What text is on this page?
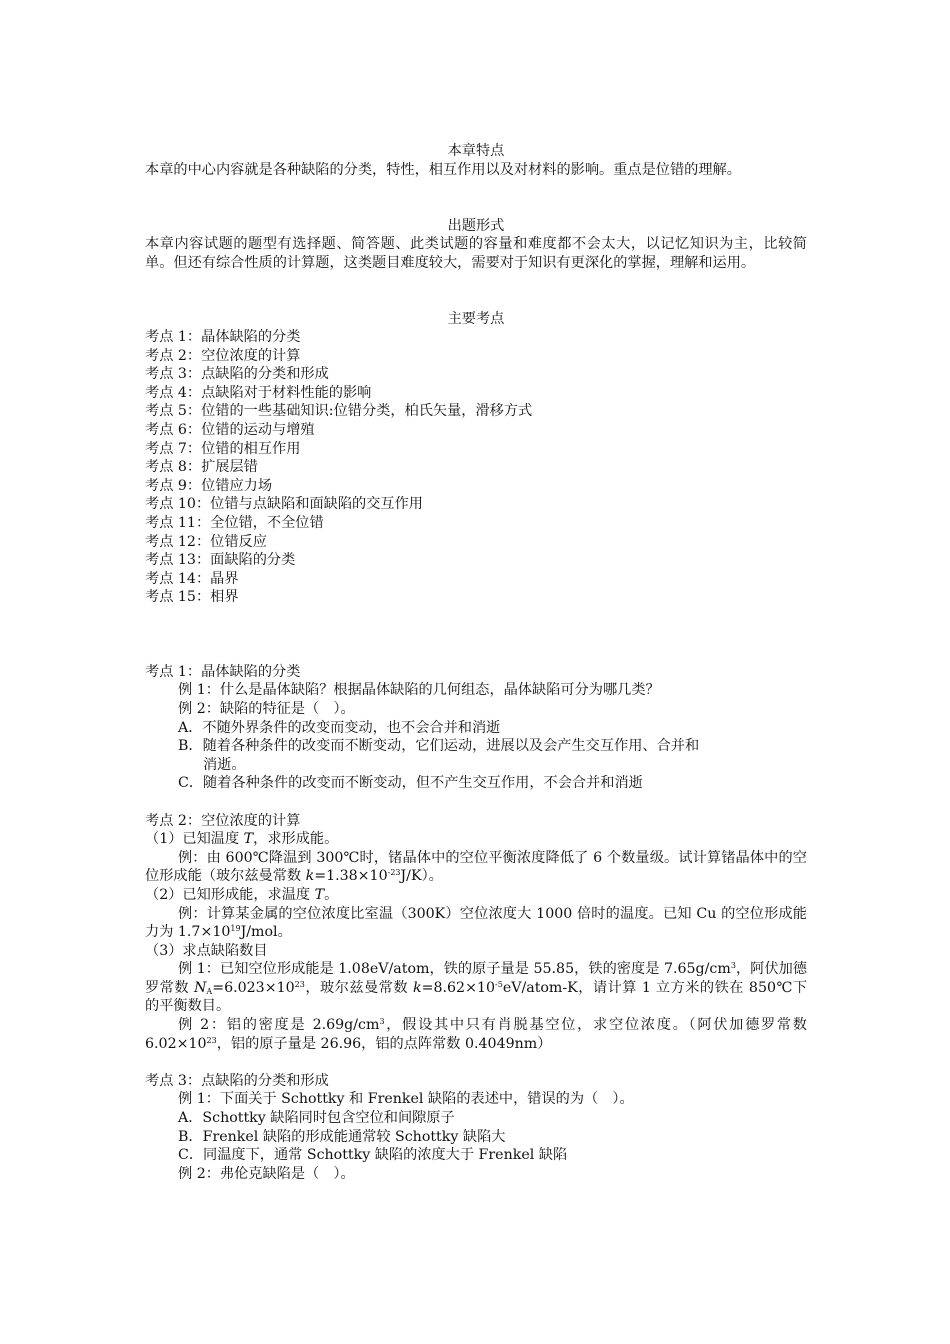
本章特点
本章的中心内容就是各种缺陷的分类，特性，相互作用以及对材料的影响。重点是位错的理解。
出题形式
本章内容试题的题型有选择题、简答题、此类试题的容量和难度都不会太大，以记忆知识为主，比较简单。但还有综合性质的计算题，这类题目难度较大，需要对于知识有更深化的掌握，理解和运用。
主要考点
考点 1：晶体缺陷的分类
考点 2：空位浓度的计算
考点 3：点缺陷的分类和形成
考点 4：点缺陷对于材料性能的影响
考点 5：位错的一些基础知识:位错分类，柏氏矢量，滑移方式
考点 6：位错的运动与增殖
考点 7：位错的相互作用
考点 8：扩展层错
考点 9：位错应力场
考点 10：位错与点缺陷和面缺陷的交互作用
考点 11：全位错，不全位错
考点 12：位错反应
考点 13：面缺陷的分类
考点 14：晶界
考点 15：相界
考点 1：晶体缺陷的分类
例 1：什么是晶体缺陷？根据晶体缺陷的几何组态，晶体缺陷可分为哪几类？
例 2：缺陷的特征是（　）。
A．不随外界条件的改变而变动，也不会合并和消逝
B．随着各种条件的改变而不断变动，它们运动，进展以及会产生交互作用、合并和
消逝。
C．随着各种条件的改变而不断变动，但不产生交互作用，不会合并和消逝
考点 2：空位浓度的计算
（1）已知温度 T，求形成能。
例：由 600℃降温到 300℃时，锗晶体中的空位平衡浓度降低了 6 个数量级。试计算锗晶体中的空位形成能（玻尔兹曼常数 $k=1.38\times 10^{-23}J/K$）。
（2）已知形成能，求温度 T。
例：计算某金属的空位浓度比室温（300K）空位浓度大 1000 倍时的温度。已知 Cu 的空位形成能力为 $1.7\times 10^{19}J$/mol。
（3）求点缺陷数目
例 1：已知空位形成能是 1.08eV/atom，铁的原子量是 55.85，铁的密度是 $7.65g/cm^3$，阿伏加德罗常数 $N_A=6.023\times 10^{23}$，玻尔兹曼常数 $k=8.62\times 10^{-5}eV/atom-K$，请计算 1 立方米的铁在 850℃下的平衡数目。
例 2：铝的密度是 $2.69g/cm^3$，假设其中只有肖脱基空位，求空位浓度。（阿伏加德罗常数 $6.02\times 10^{23}$，铝的原子量是 26.96，铝的点阵常数 0.4049nm）
考点 3：点缺陷的分类和形成
例 1：下面关于 Schottky 和 Frenkel 缺陷的表述中，错误的为（　）。
A．Schottky 缺陷同时包含空位和间隙原子
B．Frenkel 缺陷的形成能通常较 Schottky 缺陷大
C．同温度下，通常 Schottky 缺陷的浓度大于 Frenkel 缺陷
例 2：弗伦克缺陷是（　）。
